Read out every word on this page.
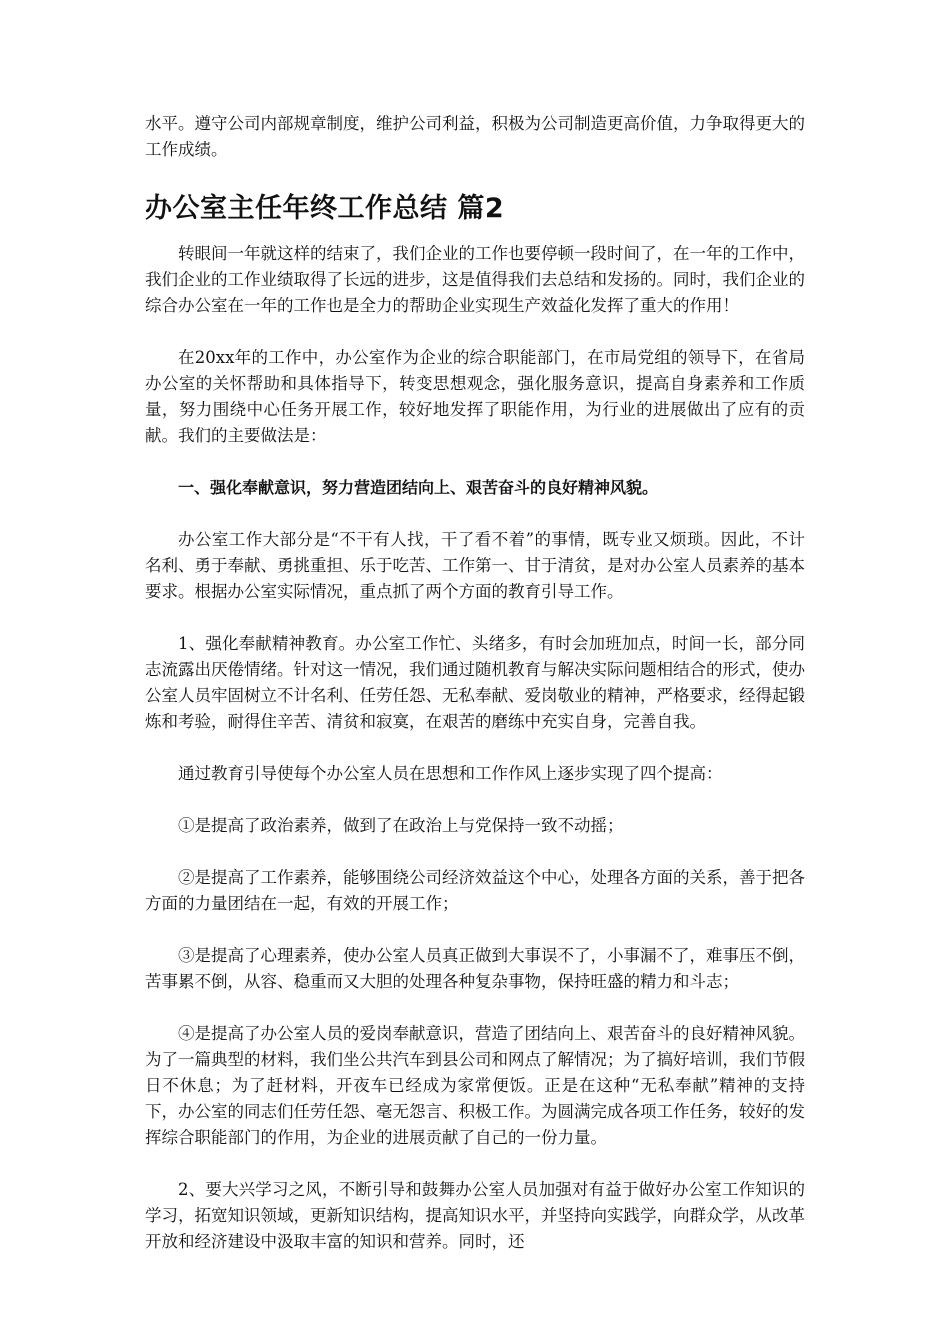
水平。遵守公司内部规章制度，维护公司利益，积极为公司制造更高价值，力争取得更大的工作成绩。

办公室主任年终工作总结 篇2

转眼间一年就这样的结束了，我们企业的工作也要停顿一段时间了，在一年的工作中，我们企业的工作业绩取得了长远的进步，这是值得我们去总结和发扬的。同时，我们企业的综合办公室在一年的工作也是全力的帮助企业实现生产效益化发挥了重大的作用！

在20xx年的工作中，办公室作为企业的综合职能部门，在市局党组的领导下，在省局办公室的关怀帮助和具体指导下，转变思想观念，强化服务意识，提高自身素养和工作质量，努力围绕中心任务开展工作，较好地发挥了职能作用，为行业的进展做出了应有的贡献。我们的主要做法是：

一、强化奉献意识，努力营造团结向上、艰苦奋斗的良好精神风貌。

办公室工作大部分是“不干有人找，干了看不着”的事情，既专业又烦琐。因此，不计名利、勇于奉献、勇挑重担、乐于吃苦、工作第一、甘于清贫，是对办公室人员素养的基本要求。根据办公室实际情况，重点抓了两个方面的教育引导工作。

1、强化奉献精神教育。办公室工作忙、头绪多，有时会加班加点，时间一长，部分同志流露出厌倦情绪。针对这一情况，我们通过随机教育与解决实际问题相结合的形式，使办公室人员牢固树立不计名利、任劳任怨、无私奉献、爱岗敬业的精神，严格要求，经得起锻炼和考验，耐得住辛苦、清贫和寂寞，在艰苦的磨练中充实自身，完善自我。

通过教育引导使每个办公室人员在思想和工作作风上逐步实现了四个提高：

①是提高了政治素养，做到了在政治上与党保持一致不动摇；

②是提高了工作素养，能够围绕公司经济效益这个中心，处理各方面的关系，善于把各方面的力量团结在一起，有效的开展工作；

③是提高了心理素养，使办公室人员真正做到大事误不了，小事漏不了，难事压不倒，苦事累不倒，从容、稳重而又大胆的处理各种复杂事物，保持旺盛的精力和斗志；

④是提高了办公室人员的爱岗奉献意识，营造了团结向上、艰苦奋斗的良好精神风貌。为了一篇典型的材料，我们坐公共汽车到县公司和网点了解情况；为了搞好培训，我们节假日不休息；为了赶材料，开夜车已经成为家常便饭。正是在这种“无私奉献”精神的支持下，办公室的同志们任劳任怨、毫无怨言、积极工作。为圆满完成各项工作任务，较好的发挥综合职能部门的作用，为企业的进展贡献了自己的一份力量。

2、要大兴学习之风，不断引导和鼓舞办公室人员加强对有益于做好办公室工作知识的学习，拓宽知识领域，更新知识结构，提高知识水平，并坚持向实践学，向群众学，从改革开放和经济建设中汲取丰富的知识和营养。同时，还
